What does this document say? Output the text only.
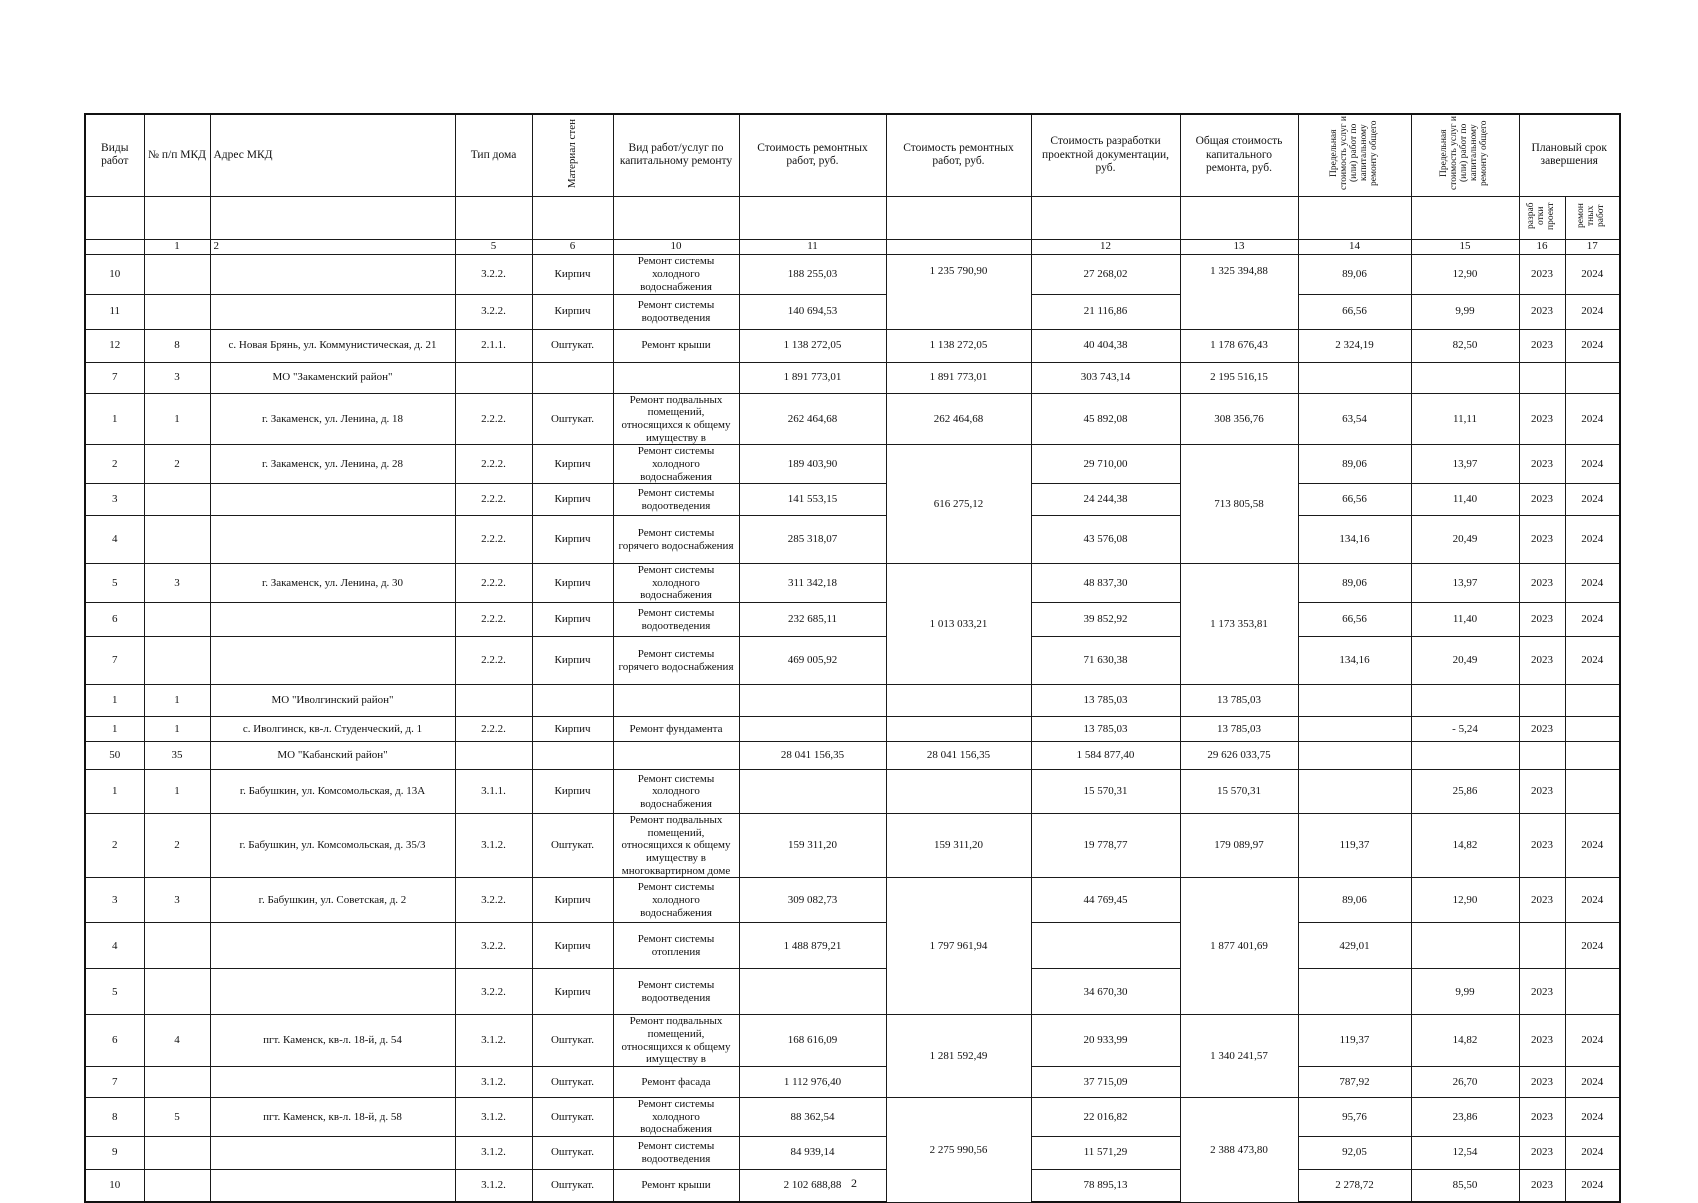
Виды работ	№ п/п МКД	Адрес МКД	Тип дома	Материал стен	Вид работ/услуг по капитальному ремонту	Стоимость ремонтных работ, руб.	Стоимость ремонтных работ, руб.	Стоимость разработки проектной документации, руб.	Общая стоимость капитального ремонта, руб.	Предельная стоимость услуг и (или) работ по капитальному ремонту общего	Предельная стоимость услуг и (или) работ по капитальному ремонту общего	Плановый срок завершения	
												разраб отки проект	ремон тных работ
	1	2	5	6	10	11		12	13	14	15	16	17
10			3.2.2.	Кирпич	Ремонт системы холодного водоснабжения	188 255,03	1 235 790,90	27 268,02	1 325 394,88	89,06	12,90	2023	2024
11			3.2.2.	Кирпич	Ремонт системы водоотведения	140 694,53		21 116,86		66,56	9,99	2023	2024
12	8	с. Новая Брянь, ул. Коммунистическая, д. 21	2.1.1.	Оштукат.	Ремонт крыши	1 138 272,05	1 138 272,05	40 404,38	1 178 676,43	2 324,19	82,50	2023	2024
7	3	МО "Закаменский район"				1 891 773,01	1 891 773,01	303 743,14	2 195 516,15				
1	1	г. Закаменск, ул. Ленина, д. 18	2.2.2.	Оштукат.	Ремонт подвальных помещений, относящихся к общему имуществу в	262 464,68	262 464,68	45 892,08	308 356,76	63,54	11,11	2023	2024
2	2	г. Закаменск, ул. Ленина, д. 28	2.2.2.	Кирпич	Ремонт системы холодного водоснабжения	189 403,90	616 275,12	29 710,00	713 805,58	89,06	13,97	2023	2024
3			2.2.2.	Кирпич	Ремонт системы водоотведения	141 553,15		24 244,38		66,56	11,40	2023	2024
4			2.2.2.	Кирпич	Ремонт системы горячего водоснабжения	285 318,07		43 576,08		134,16	20,49	2023	2024
5	3	г. Закаменск, ул. Ленина, д. 30	2.2.2.	Кирпич	Ремонт системы холодного водоснабжения	311 342,18	1 013 033,21	48 837,30	1 173 353,81	89,06	13,97	2023	2024
6			2.2.2.	Кирпич	Ремонт системы водоотведения	232 685,11		39 852,92		66,56	11,40	2023	2024
7			2.2.2.	Кирпич	Ремонт системы горячего водоснабжения	469 005,92		71 630,38		134,16	20,49	2023	2024
1	1	МО "Иволгинский район"						13 785,03	13 785,03				
1	1	с. Иволгинск, кв-л. Студенческий, д. 1	2.2.2.	Кирпич	Ремонт фундамента			13 785,03	13 785,03		- 5,24	2023	
50	35	МО "Кабанский район"				28 041 156,35	28 041 156,35	1 584 877,40	29 626 033,75				
1	1	г. Бабушкин, ул. Комсомольская, д. 13А	3.1.1.	Кирпич	Ремонт системы холодного водоснабжения			15 570,31	15 570,31		25,86	2023	
2	2	г. Бабушкин, ул. Комсомольская, д. 35/3	3.1.2.	Оштукат.	Ремонт подвальных помещений, относящихся к общему имуществу в многоквартирном доме	159 311,20	159 311,20	19 778,77	179 089,97	119,37	14,82	2023	2024
3	3	г. Бабушкин, ул. Советская, д. 2	3.2.2.	Кирпич	Ремонт системы холодного водоснабжения	309 082,73	1 797 961,94	44 769,45	1 877 401,69	89,06	12,90	2023	2024
4			3.2.2.	Кирпич	Ремонт системы отопления	1 488 879,21				429,01			2024
5			3.2.2.	Кирпич	Ремонт системы водоотведения			34 670,30			9,99	2023	
6	4	пгт. Каменск, кв-л. 18-й, д. 54	3.1.2.	Оштукат.	Ремонт подвальных помещений, относящихся к общему имуществу в	168 616,09	1 281 592,49	20 933,99	1 340 241,57	119,37	14,82	2023	2024
7			3.1.2.	Оштукат.	Ремонт фасада	1 112 976,40		37 715,09		787,92	26,70	2023	2024
8	5	пгт. Каменск, кв-л. 18-й, д. 58	3.1.2.	Оштукат.	Ремонт системы холодного водоснабжения	88 362,54	2 275 990,56	22 016,82	2 388 473,80	95,76	23,86	2023	2024
9			3.1.2.	Оштукат.	Ремонт системы водоотведения	84 939,14		11 571,29		92,05	12,54	2023	2024
10			3.1.2.	Оштукат.	Ремонт крыши	2 102 688,88		78 895,13		2 278,72	85,50	2023	2024
2
